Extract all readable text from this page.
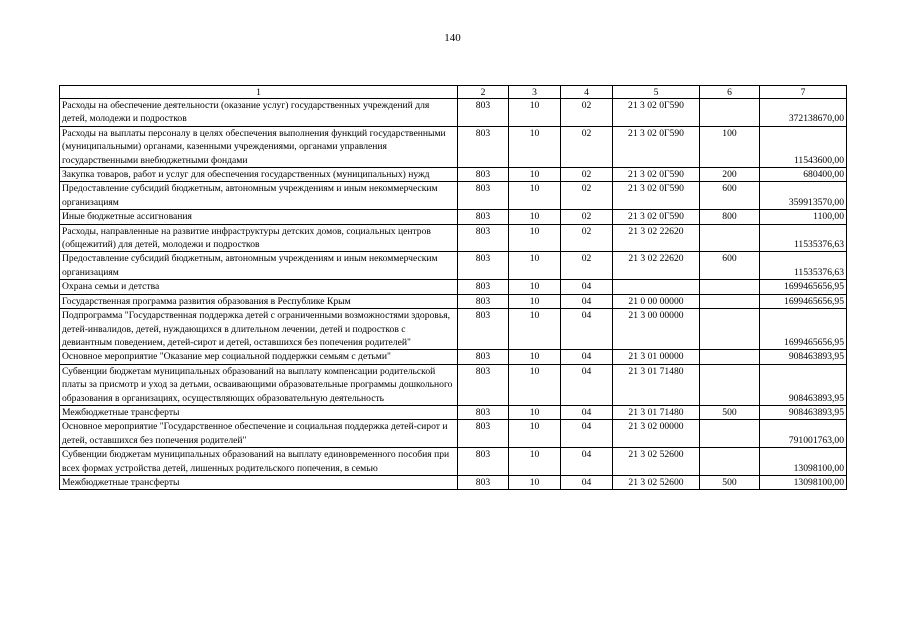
140
1	2	3	4	5	6	7
Расходы на обеспечение деятельности (оказание услуг) государственных учреждений для детей, молодежи и подростков	803	10	02	21 3 02 0Г590		372138670,00
Расходы на выплаты персоналу в целях обеспечения выполнения функций государственными (муниципальными) органами, казенными учреждениями, органами управления государственными внебюджетными фондами	803	10	02	21 3 02 0Г590	100	11543600,00
Закупка товаров, работ и услуг для обеспечения государственных (муниципальных) нужд	803	10	02	21 3 02 0Г590	200	680400,00
Предоставление субсидий бюджетным, автономным учреждениям и иным некоммерческим организациям	803	10	02	21 3 02 0Г590	600	359913570,00
Иные бюджетные ассигнования	803	10	02	21 3 02 0Г590	800	1100,00
Расходы, направленные на развитие инфраструктуры детских домов, социальных центров (общежитий) для детей, молодежи и подростков	803	10	02	21 3 02 22620		11535376,63
Предоставление субсидий бюджетным, автономным учреждениям и иным некоммерческим организациям	803	10	02	21 3 02 22620	600	11535376,63
Охрана семьи и детства	803	10	04			1699465656,95
Государственная программа развития образования в Республике Крым	803	10	04	21 0 00 00000		1699465656,95
Подпрограмма "Государственная поддержка детей с ограниченными возможностями здоровья, детей-инвалидов, детей, нуждающихся в длительном лечении, детей и подростков с девиантным поведением, детей-сирот и детей, оставшихся без попечения родителей"	803	10	04	21 3 00 00000		1699465656,95
Основное мероприятие "Оказание мер социальной поддержки семьям с детьми"	803	10	04	21 3 01 00000		908463893,95
Субвенции бюджетам муниципальных образований на выплату компенсации родительской платы за присмотр и уход за детьми, осваивающими образовательные программы дошкольного образования в организациях, осуществляющих образовательную деятельность	803	10	04	21 3 01 71480		908463893,95
Межбюджетные трансферты	803	10	04	21 3 01 71480	500	908463893,95
Основное мероприятие "Государственное обеспечение и социальная поддержка детей-сирот и детей, оставшихся без попечения родителей"	803	10	04	21 3 02 00000		791001763,00
Субвенции бюджетам муниципальных образований на выплату единовременного пособия при всех формах устройства детей, лишенных родительского попечения, в семью	803	10	04	21 3 02 52600		13098100,00
Межбюджетные трансферты	803	10	04	21 3 02 52600	500	13098100,00
